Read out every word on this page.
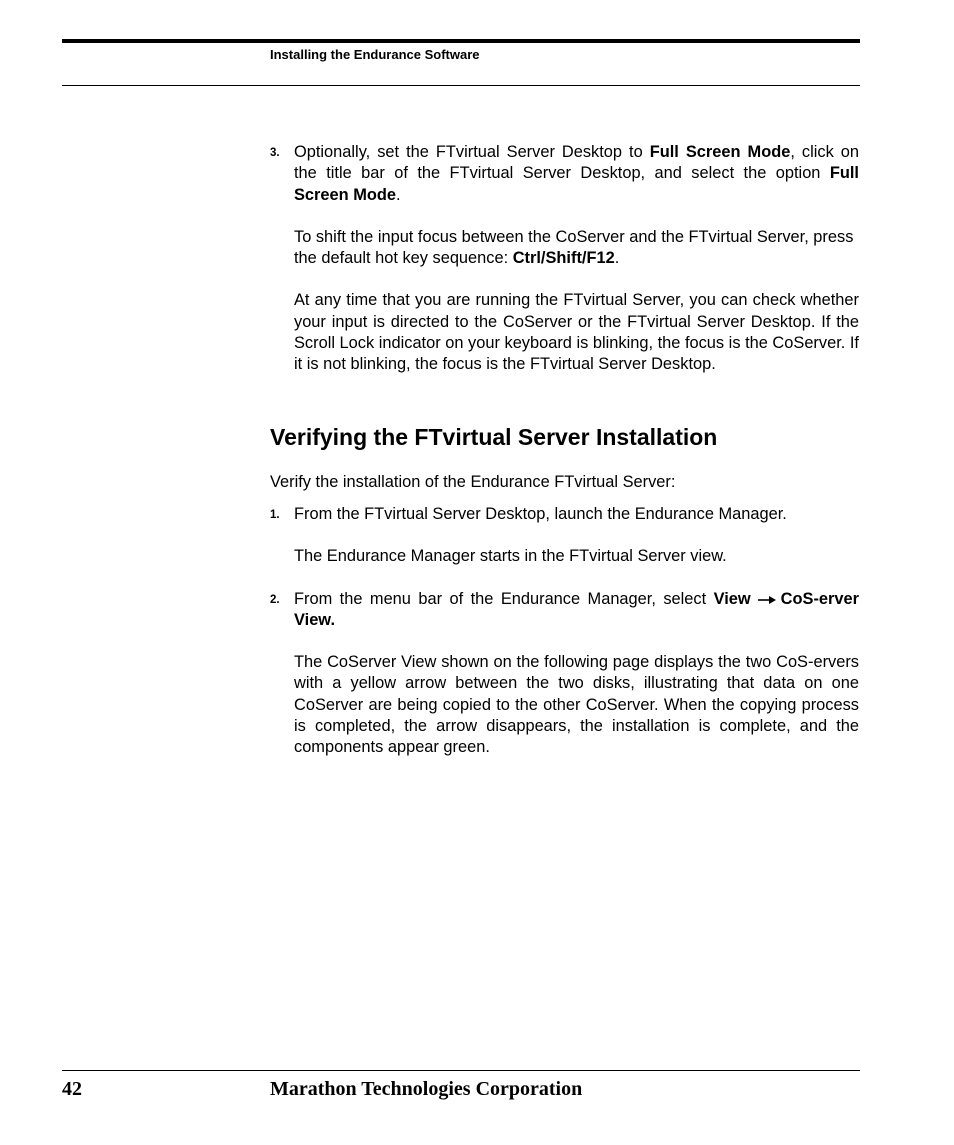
Installing the Endurance Software
3. Optionally, set the FTvirtual Server Desktop to Full Screen Mode, click on the title bar of the FTvirtual Server Desktop, and select the option Full Screen Mode.

To shift the input focus between the CoServer and the FTvirtual Server, press the default hot key sequence: Ctrl/Shift/F12.

At any time that you are running the FTvirtual Server, you can check whether your input is directed to the CoServer or the FTvirtual Server Desktop. If the Scroll Lock indicator on your keyboard is blinking, the focus is the CoServer. If it is not blinking, the focus is the FTvirtual Server Desktop.

Verifying the FTvirtual Server Installation

Verify the installation of the Endurance FTvirtual Server:

1. From the FTvirtual Server Desktop, launch the Endurance Manager.

The Endurance Manager starts in the FTvirtual Server view.

2. From the menu bar of the Endurance Manager, select View CoS-erver View.

The CoServer View shown on the following page displays the two CoS-ervers with a yellow arrow between the two disks, illustrating that data on one CoServer are being copied to the other CoServer. When the copying process is completed, the arrow disappears, the installation is complete, and the components appear green.

42	Marathon Technologies Corporation
